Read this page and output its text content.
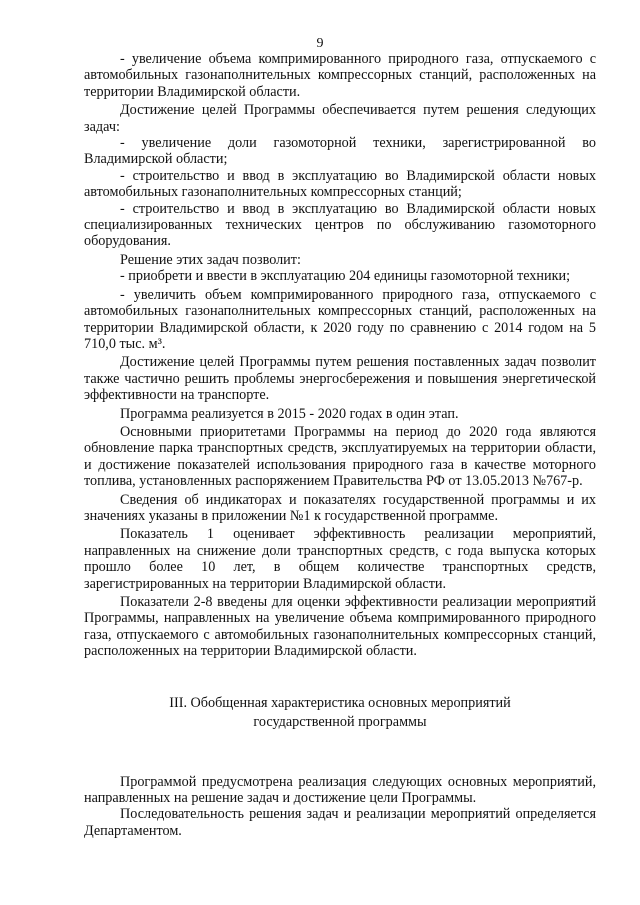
9

- увеличение объема компримированного природного газа, отпускаемого с автомобильных газонаполнительных компрессорных станций, расположенных на территории Владимирской области.

Достижение целей Программы обеспечивается путем решения следующих задач:

- увеличение доли газомоторной техники, зарегистрированной во Владимирской области;

- строительство и ввод в эксплуатацию во Владимирской области новых автомобильных газонаполнительных компрессорных станций;

- строительство и ввод в эксплуатацию во Владимирской области новых специализированных технических центров по обслуживанию газомоторного оборудования.

Решение этих задач позволит:

- приобрети и ввести в эксплуатацию 204 единицы газомоторной техники;

- увеличить объем компримированного природного газа, отпускаемого с автомобильных газонаполнительных компрессорных станций, расположенных на территории Владимирской области, к 2020 году по сравнению с 2014 годом на 5 710,0 тыс. м³.

Достижение целей Программы путем решения поставленных задач позволит также частично решить проблемы энергосбережения и повышения энергетической эффективности на транспорте.

Программа реализуется в 2015 - 2020 годах в один этап.

Основными приоритетами Программы на период до 2020 года являются обновление парка транспортных средств, эксплуатируемых на территории области, и достижение показателей использования природного газа в качестве моторного топлива, установленных распоряжением Правительства РФ от 13.05.2013 №767-р.

Сведения об индикаторах и показателях государственной программы и их значениях указаны в приложении №1 к государственной программе.

Показатель 1 оценивает эффективность реализации мероприятий, направленных на снижение доли транспортных средств, с года выпуска которых прошло более 10 лет, в общем количестве транспортных средств, зарегистрированных на территории Владимирской области.

Показатели 2-8 введены для оценки эффективности реализации мероприятий Программы, направленных на увеличение объема компримированного природного газа, отпускаемого с автомобильных газонаполнительных компрессорных станций, расположенных на территории Владимирской области.

III. Обобщенная характеристика основных мероприятий
государственной программы

Программой предусмотрена реализация следующих основных мероприятий, направленных на решение задач и достижение цели Программы.

Последовательность решения задач и реализации мероприятий определяется Департаментом.
